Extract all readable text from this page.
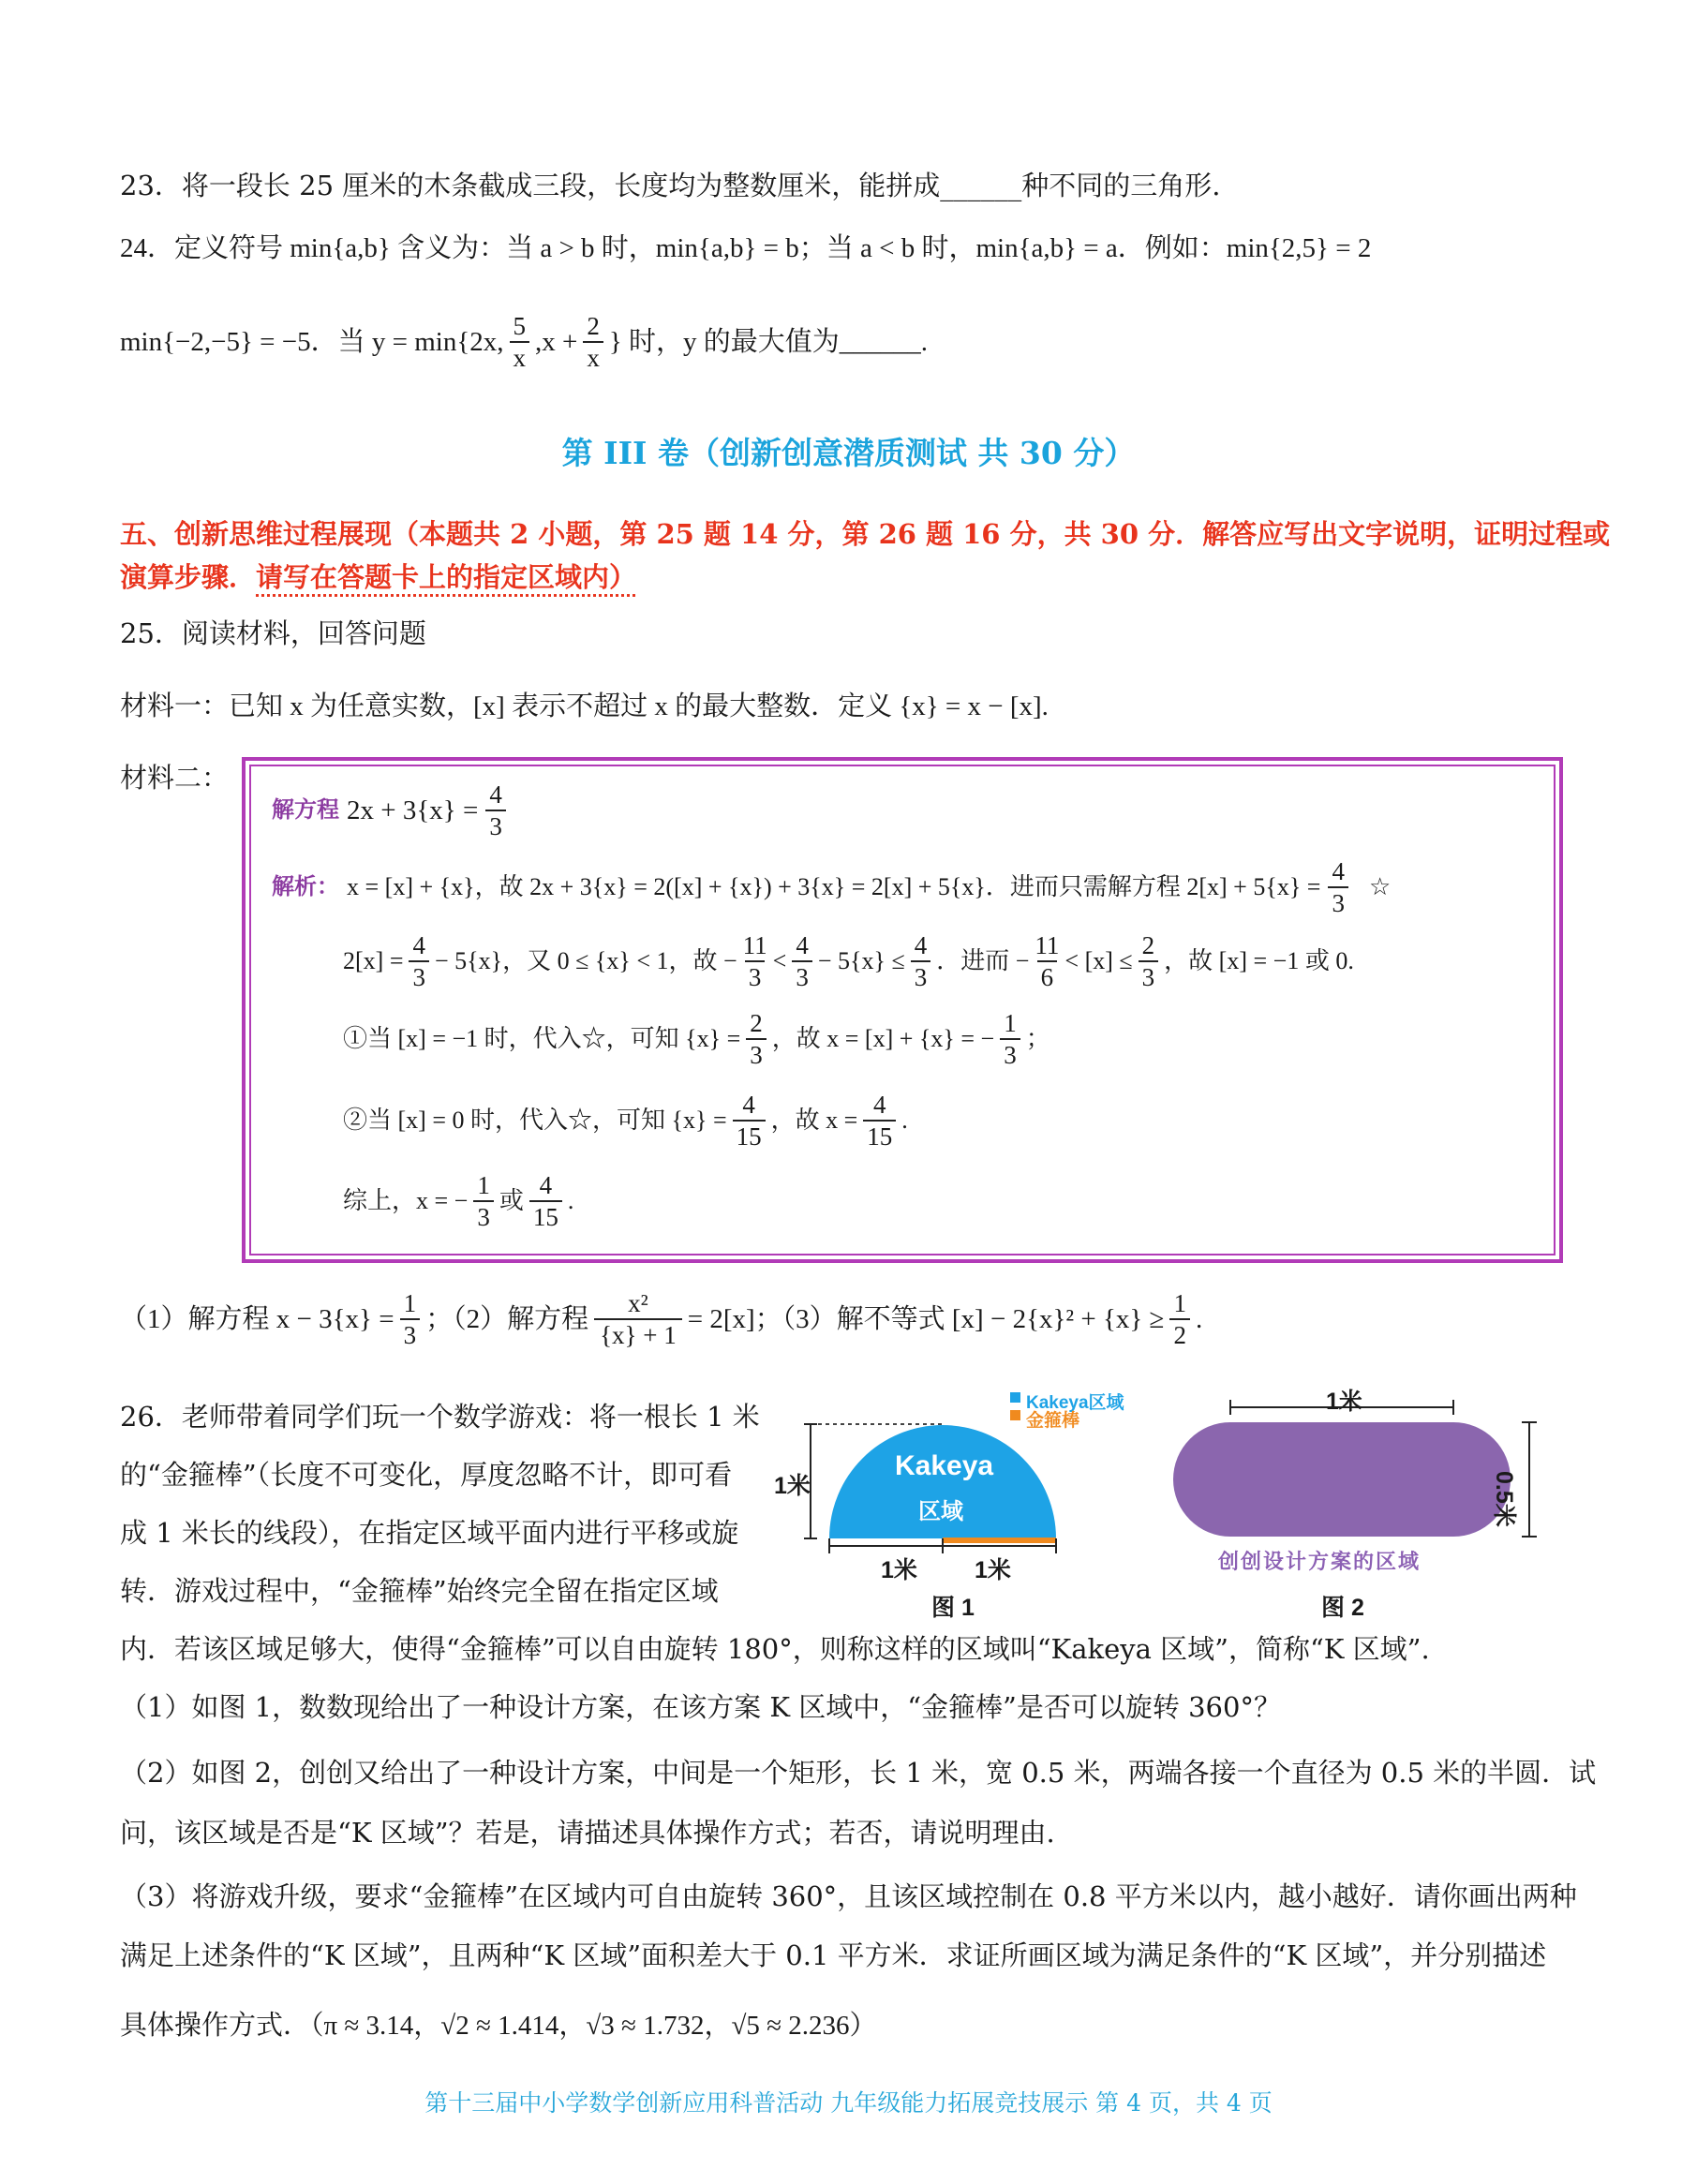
23．将一段长 25 厘米的木条截成三段，长度均为整数厘米，能拼成______种不同的三角形.
24．定义符号 min{a,b} 含义为：当 a > b 时，min{a,b} = b；当 a < b 时，min{a,b} = a．例如：min{2,5} = 2
min{−2,−5} = −5．当 y = min{2x, $\frac{5}{x} ,x + \frac{2}{x}$ } 时，y 的最大值为______.
第 III 卷（创新创意潜质测试 共 30 分）
五、创新思维过程展现（本题共 2 小题，第 25 题 14 分，第 26 题 16 分，共 30 分．解答应写出文字说明，证明过程或
演算步骤．请写在答题卡上的指定区域内）
25．阅读材料，回答问题
材料一：已知 x 为任意实数，[x] 表示不超过 x 的最大整数．定义 {x} = x − [x].
材料二：
解方程 $2x + 3\{x\} = \frac{4}{3}$
解析： x = [x] + {x}，故 2x + 3{x} = 2([x] + {x}) + 3{x} = 2[x] + 5{x}．进而只需解方程 $2[x] + 5\{x\} = \frac{4}{3}$ ☆
$2[x] = \frac{4}{3} - 5\{x\}$，又 0 ≤ {x} < 1，故 − $\frac{11}{3} < \frac{4}{3} - 5\{x\} \le \frac{4}{3}$ ．进而 − $\frac{11}{6} < [x] \le \frac{2}{3}$ ，故 [x] = −1 或 0.
①当 [x] = −1 时，代入☆，可知 $\{x\} = \frac{2}{3}$ ，故 x = [x] + {x} = − $\frac{1}{3}$ ；
②当 [x] = 0 时，代入☆，可知 $\{x\} = \frac{4}{15}$ ，故 $x = \frac{4}{15}$ .
综上，x = − $\frac{1}{3}$ 或 $\frac{4}{15}$ .
（1）解方程 $x - 3\{x\} = \frac{1}{3}$ ；（2）解方程 $\frac{\text{x²}}{\{x\} + 1} = 2[x]$；（3）解不等式 $[x] - 2\{x\}^2 + \{x\} \ge \frac{1}{2}$ .
26．老师带着同学们玩一个数学游戏：将一根长 1 米
的“金箍棒”（长度不可变化，厚度忽略不计，即可看
成 1 米长的线段），在指定区域平面内进行平移或旋
转．游戏过程中，“金箍棒”始终完全留在指定区域
内．若该区域足够大，使得“金箍棒”可以自由旋转 180°，则称这样的区域叫“Kakeya 区域”，简称“K 区域”.
（1）如图 1，数数现给出了一种设计方案，在该方案 K 区域中，“金箍棒”是否可以旋转 360°？
（2）如图 2，创创又给出了一种设计方案，中间是一个矩形，长 1 米，宽 0.5 米，两端各接一个直径为 0.5 米的半圆．试
问，该区域是否是“K 区域”？若是，请描述具体操作方式；若否，请说明理由.
（3）将游戏升级，要求“金箍棒”在区域内可自由旋转 360°，且该区域控制在 0.8 平方米以内，越小越好．请你画出两种
满足上述条件的“K 区域”，且两种“K 区域”面积差大于 0.1 平方米．求证所画区域为满足条件的“K 区域”，并分别描述
具体操作方式．（π ≈ 3.14，√2 ≈ 1.414，√3 ≈ 1.732，√5 ≈ 2.236）
Kakeya区域
金箍棒
Kakeya
区域
1米
1米 1米
图 1
1米
0.5米
创创设计方案的区域
图 2
第十三届中小学数学创新应用科普活动 九年级能力拓展竞技展示 第 4 页，共 4 页
